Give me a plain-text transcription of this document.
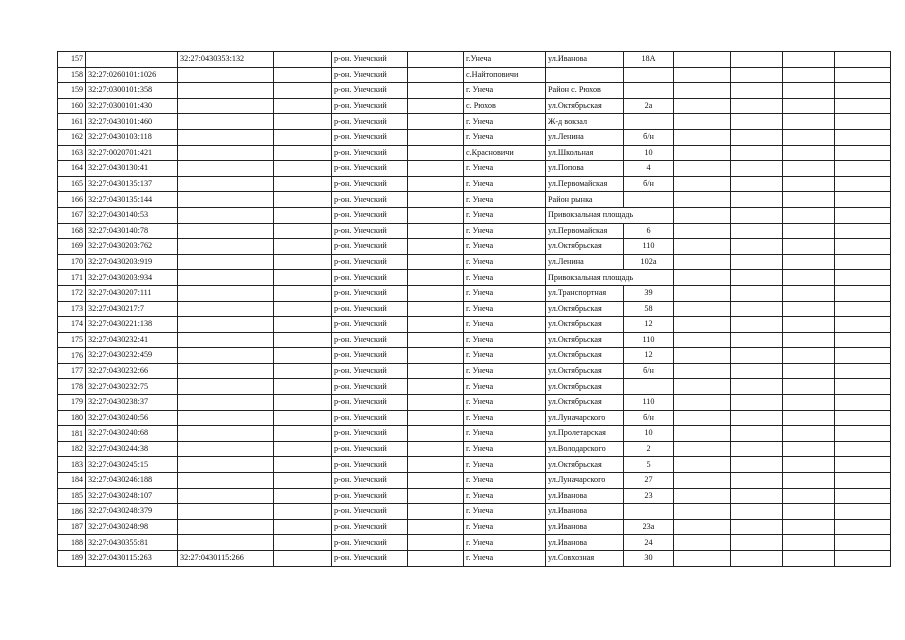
157		32:27:0430353:132		р-он. Унечский		г.Унеча	ул.Иванова	18А				
158	32:27:0260101:1026			р-он. Унечский		с.Найтоповичи						
159	32:27:0300101:358			р-он. Унечский		г. Унеча	Район с. Рюхов					
160	32:27:0300101:430			р-он. Унечский		с. Рюхов	ул.Октябрьская	2а				
161	32:27:0430101:460			р-он. Унечский		г. Унеча	Ж-д вокзал					
162	32:27:0430103:118			р-он. Унечский		г. Унеча	ул.Ленина	б/н				
163	32:27:0020701:421			р-он. Унечский		с.Красновичи	ул.Школьная	10				
164	32:27:0430130:41			р-он. Унечский		г. Унеча	ул.Попова	4				
165	32:27:0430135:137			р-он. Унечский		г. Унеча	ул.Первомайская	б/н				
166	32:27:0430135:144			р-он. Унечский		г. Унеча	Район рынка					
167	32:27:0430140:53			р-он. Унечский		г. Унеча	Привокзальная площадь					
168	32:27:0430140:78			р-он. Унечский		г. Унеча	ул.Первомайская	6				
169	32:27:0430203:762			р-он. Унечский		г. Унеча	ул.Октябрьская	110				
170	32:27:0430203:919			р-он. Унечский		г. Унеча	ул.Ленина	102а				
171	32:27:0430203:934			р-он. Унечский		г. Унеча	Привокзальная площадь					
172	32:27:0430207:111			р-он. Унечский		г. Унеча	ул.Транспортная	39				
173	32:27:0430217:7			р-он. Унечский		г. Унеча	ул.Октябрьская	58				
174	32:27:0430221:138			р-он. Унечский		г. Унеча	ул.Октябрьская	12				
175	32:27:0430232:41			р-он. Унечский		г. Унеча	ул.Октябрьская	110				
176	32:27:0430232:459			р-он. Унечский		г. Унеча	ул.Октябрьская	12				
177	32:27:0430232:66			р-он. Унечский		г. Унеча	ул.Октябрьская	б/н				
178	32:27:0430232:75			р-он. Унечский		г. Унеча	ул.Октябрьская					
179	32:27:0430238:37			р-он. Унечский		г. Унеча	ул.Октябрьская	110				
180	32:27:0430240:56			р-он. Унечский		г. Унеча	ул.Луначарского	б/н				
181	32:27:0430240:68			р-он. Унечский		г. Унеча	ул.Пролетарская	10				
182	32:27:0430244:38			р-он. Унечский		г. Унеча	ул.Володарского	2				
183	32:27:0430245:15			р-он. Унечский		г. Унеча	ул.Октябрьская	5				
184	32:27:0430246:188			р-он. Унечский		г. Унеча	ул.Луначарского	27				
185	32:27:0430248:107			р-он. Унечский		г. Унеча	ул.Иванова	23				
186	32:27:0430248:379			р-он. Унечский		г. Унеча	ул.Иванова					
187	32:27:0430248:98			р-он. Унечский		г. Унеча	ул.Иванова	23а				
188	32:27:0430355:81			р-он. Унечский		г. Унеча	ул.Иванова	24				
189	32:27:0430115:263	32:27:0430115:266		р-он. Унечский		г. Унеча	ул.Совхозная	30				
